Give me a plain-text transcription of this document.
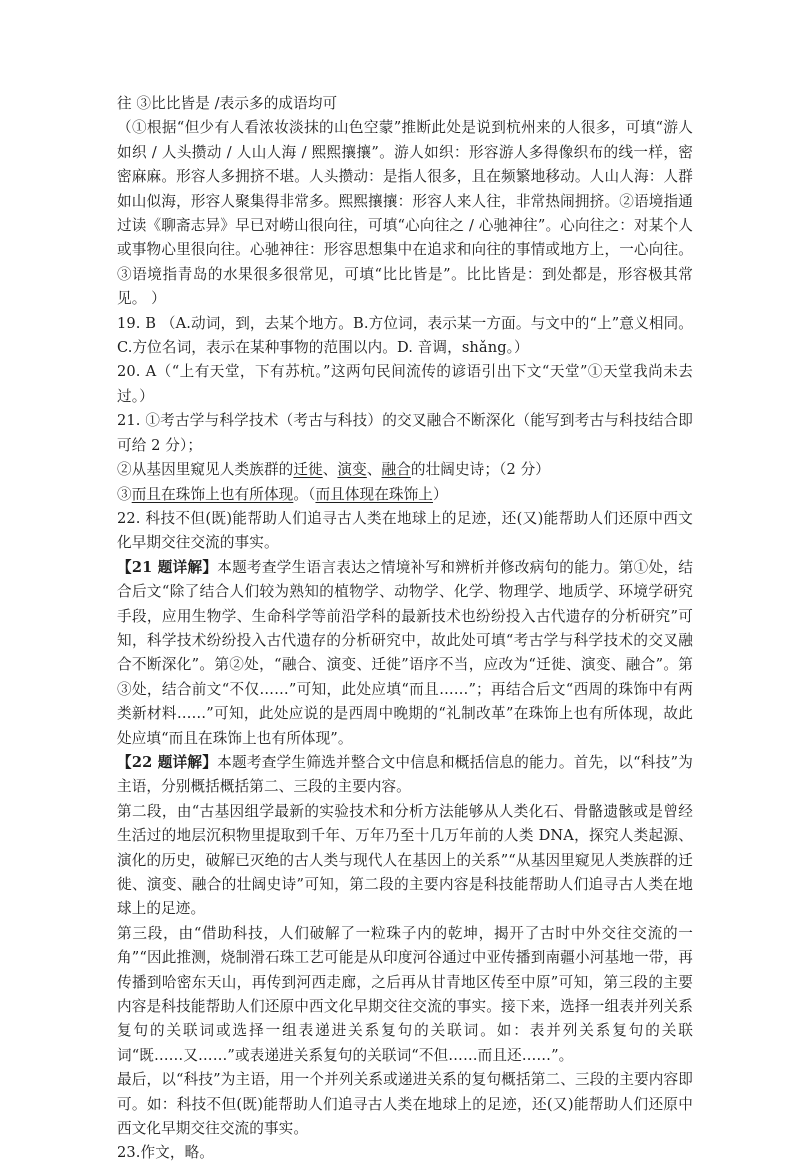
往 ③比比皆是 /表示多的成语均可

（①根据“但少有人看浓妆淡抹的山色空蒙”推断此处是说到杭州来的人很多，可填“游人如织 / 人头攒动 / 人山人海 / 熙熙攘攘”。游人如织：形容游人多得像织布的线一样，密密麻麻。形容人多拥挤不堪。人头攒动：是指人很多，且在频繁地移动。人山人海：人群如山似海，形容人聚集得非常多。熙熙攘攘：形容人来人往，非常热闹拥挤。②语境指通过读《聊斋志异》早已对崂山很向往，可填“心向往之 / 心驰神往”。心向往之：对某个人或事物心里很向往。心驰神往：形容思想集中在追求和向往的事情或地方上，一心向往。③语境指青岛的水果很多很常见，可填“比比皆是”。比比皆是：到处都是，形容极其常见。 ）

19. B （A.动词，到，去某个地方。B.方位词，表示某一方面。与文中的“上”意义相同。C.方位名词，表示在某种事物的范围以内。D. 音调，shǎng。）

20. A（“上有天堂，下有苏杭。”这两句民间流传的谚语引出下文“天堂”①天堂我尚未去过。）

21. ①考古学与科学技术（考古与科技）的交叉融合不断深化（能写到考古与科技结合即可给 2 分）；

②从基因里窥见人类族群的迁徙、演变、融合的壮阔史诗；（2 分）

③而且在珠饰上也有所体现。（而且体现在珠饰上）

22. 科技不但(既)能帮助人们追寻古人类在地球上的足迹，还(又)能帮助人们还原中西文化早期交往交流的事实。

【21 题详解】本题考查学生语言表达之情境补写和辨析并修改病句的能力。第①处，结合后文“除了结合人们较为熟知的植物学、动物学、化学、物理学、地质学、环境学研究手段，应用生物学、生命科学等前沿学科的最新技术也纷纷投入古代遗存的分析研究”可知，科学技术纷纷投入古代遗存的分析研究中，故此处可填“考古学与科学技术的交叉融合不断深化”。第②处，“融合、演变、迁徙”语序不当，应改为“迁徙、演变、融合”。第③处，结合前文“不仅……”可知，此处应填“而且……”；再结合后文“西周的珠饰中有两类新材料……”可知，此处应说的是西周中晚期的“礼制改革”在珠饰上也有所体现，故此处应填“而且在珠饰上也有所体现”。

【22 题详解】本题考查学生筛选并整合文中信息和概括信息的能力。首先，以“科技”为主语，分别概括概括第二、三段的主要内容。

第二段，由“古基因组学最新的实验技术和分析方法能够从人类化石、骨骼遗骸或是曾经生活过的地层沉积物里提取到千年、万年乃至十几万年前的人类 DNA，探究人类起源、演化的历史，破解已灭绝的古人类与现代人在基因上的关系”“从基因里窥见人类族群的迁徙、演变、融合的壮阔史诗”可知，第二段的主要内容是科技能帮助人们追寻古人类在地球上的足迹。

第三段，由“借助科技，人们破解了一粒珠子内的乾坤，揭开了古时中外交往交流的一角”“因此推测，烧制滑石珠工艺可能是从印度河谷通过中亚传播到南疆小河基地一带，再传播到哈密东天山，再传到河西走廊，之后再从甘青地区传至中原”可知，第三段的主要内容是科技能帮助人们还原中西文化早期交往交流的事实。接下来，选择一组表并列关系复句的关联词或选择一组表递进关系复句的关联词。如：表并列关系复句的关联词“既……又……”或表递进关系复句的关联词“不但……而且还……”。

最后，以“科技”为主语，用一个并列关系或递进关系的复句概括第二、三段的主要内容即可。如：科技不但(既)能帮助人们追寻古人类在地球上的足迹，还(又)能帮助人们还原中西文化早期交往交流的事实。

23.作文，略。
